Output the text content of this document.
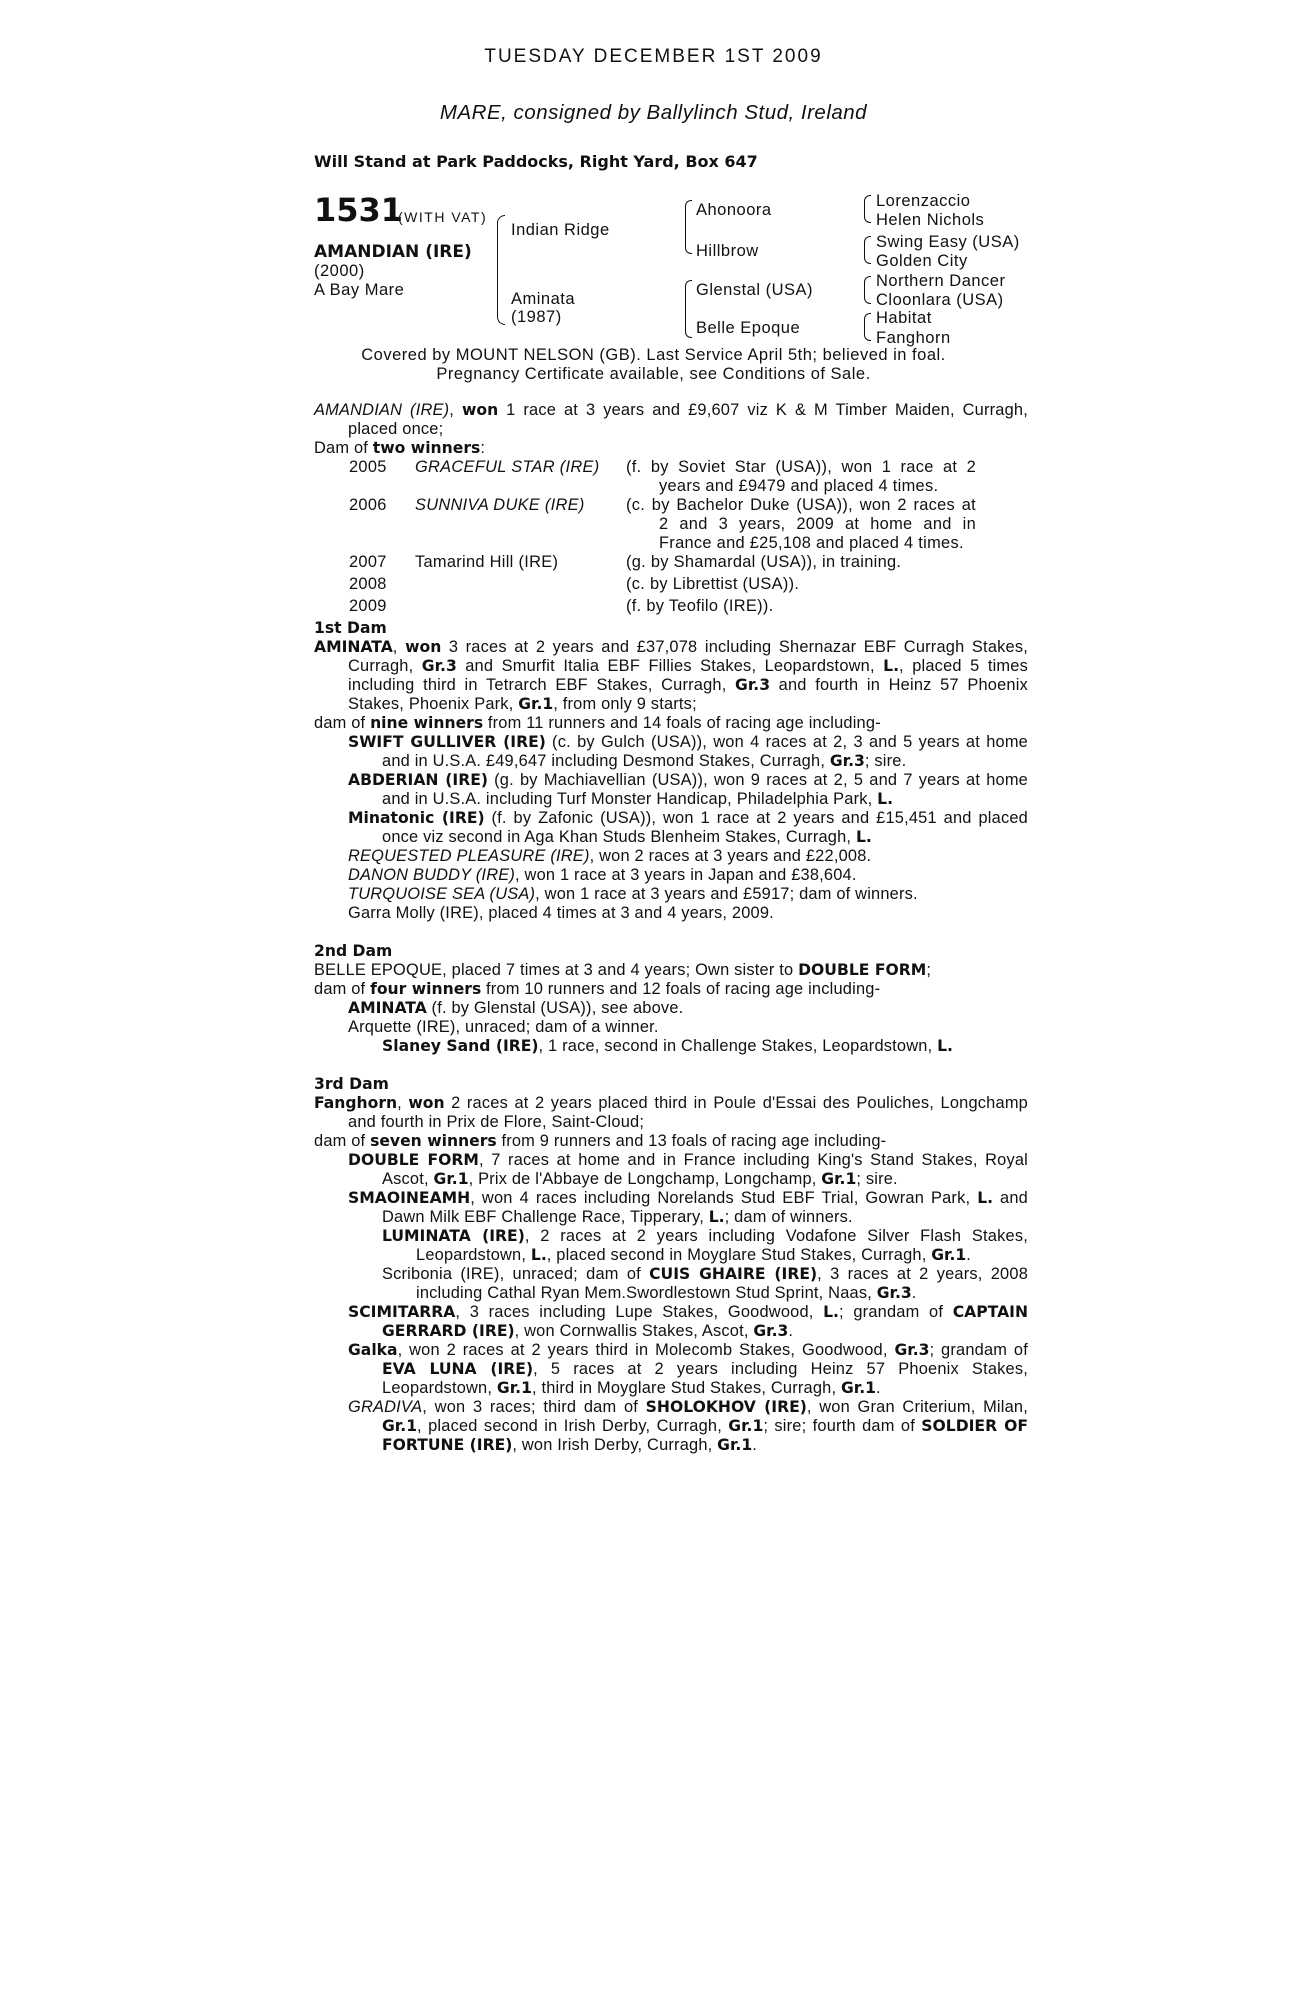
TUESDAY DECEMBER 1ST 2009
MARE, consigned by Ballylinch Stud, Ireland
Will Stand at Park Paddocks, Right Yard, Box 647
1531
(WITH VAT)
AMANDIAN (IRE)
(2000)
A Bay Mare
Indian Ridge
Aminata
(1987)
Ahonoora
Hillbrow
Glenstal (USA)
Belle Epoque
Lorenzaccio
Helen Nichols
Swing Easy (USA)
Golden City
Northern Dancer
Cloonlara (USA)
Habitat
Fanghorn
Covered by MOUNT NELSON (GB). Last Service April 5th; believed in foal.
Pregnancy Certificate available, see Conditions of Sale.
AMANDIAN (IRE), won 1 race at 3 years and £9,607 viz K & M Timber Maiden, Curragh, placed once;
Dam of two winners:
2005 GRACEFUL STAR (IRE) (f. by Soviet Star (USA)), won 1 race at 2
years and £9479 and placed 4 times.
2006 SUNNIVA DUKE (IRE)	(c. by Bachelor Duke (USA)), won 2 races at
2 and 3 years, 2009 at home and in
France and £25,108 and placed 4 times.
2007 Tamarind Hill (IRE)	(g. by Shamardal (USA)), in training.
2008	(c. by Librettist (USA)).
2009	(f. by Teofilo (IRE)).
1st Dam
AMINATA, won 3 races at 2 years and £37,078 including Shernazar EBF Curragh Stakes, Curragh, Gr.3 and Smurfit Italia EBF Fillies Stakes, Leopardstown, L., placed 5 times including third in Tetrarch EBF Stakes, Curragh, Gr.3 and fourth in Heinz 57 Phoenix Stakes, Phoenix Park, Gr.1, from only 9 starts;
dam of nine winners from 11 runners and 14 foals of racing age including-
SWIFT GULLIVER (IRE) (c. by Gulch (USA)), won 4 races at 2, 3 and 5 years at home and in U.S.A. £49,647 including Desmond Stakes, Curragh, Gr.3; sire.
ABDERIAN (IRE) (g. by Machiavellian (USA)), won 9 races at 2, 5 and 7 years at home and in U.S.A. including Turf Monster Handicap, Philadelphia Park, L.
Minatonic (IRE) (f. by Zafonic (USA)), won 1 race at 2 years and £15,451 and placed once viz second in Aga Khan Studs Blenheim Stakes, Curragh, L.
REQUESTED PLEASURE (IRE), won 2 races at 3 years and £22,008.
DANON BUDDY (IRE), won 1 race at 3 years in Japan and £38,604.
TURQUOISE SEA (USA), won 1 race at 3 years and £5917; dam of winners.
Garra Molly (IRE), placed 4 times at 3 and 4 years, 2009.
2nd Dam
BELLE EPOQUE, placed 7 times at 3 and 4 years; Own sister to DOUBLE FORM;
dam of four winners from 10 runners and 12 foals of racing age including-
AMINATA (f. by Glenstal (USA)), see above.
Arquette (IRE), unraced; dam of a winner.
Slaney Sand (IRE), 1 race, second in Challenge Stakes, Leopardstown, L.
3rd Dam
Fanghorn, won 2 races at 2 years placed third in Poule d'Essai des Pouliches, Longchamp and fourth in Prix de Flore, Saint-Cloud;
dam of seven winners from 9 runners and 13 foals of racing age including-
DOUBLE FORM, 7 races at home and in France including King's Stand Stakes, Royal Ascot, Gr.1, Prix de l'Abbaye de Longchamp, Longchamp, Gr.1; sire.
SMAOINEAMH, won 4 races including Norelands Stud EBF Trial, Gowran Park, L. and Dawn Milk EBF Challenge Race, Tipperary, L.; dam of winners.
LUMINATA (IRE), 2 races at 2 years including Vodafone Silver Flash Stakes, Leopardstown, L., placed second in Moyglare Stud Stakes, Curragh, Gr.1.
Scribonia (IRE), unraced; dam of CUIS GHAIRE (IRE), 3 races at 2 years, 2008 including Cathal Ryan Mem.Swordlestown Stud Sprint, Naas, Gr.3.
SCIMITARRA, 3 races including Lupe Stakes, Goodwood, L.; grandam of CAPTAIN GERRARD (IRE), won Cornwallis Stakes, Ascot, Gr.3.
Galka, won 2 races at 2 years third in Molecomb Stakes, Goodwood, Gr.3; grandam of EVA LUNA (IRE), 5 races at 2 years including Heinz 57 Phoenix Stakes, Leopardstown, Gr.1, third in Moyglare Stud Stakes, Curragh, Gr.1.
GRADIVA, won 3 races; third dam of SHOLOKHOV (IRE), won Gran Criterium, Milan, Gr.1, placed second in Irish Derby, Curragh, Gr.1; sire; fourth dam of SOLDIER OF FORTUNE (IRE), won Irish Derby, Curragh, Gr.1.
